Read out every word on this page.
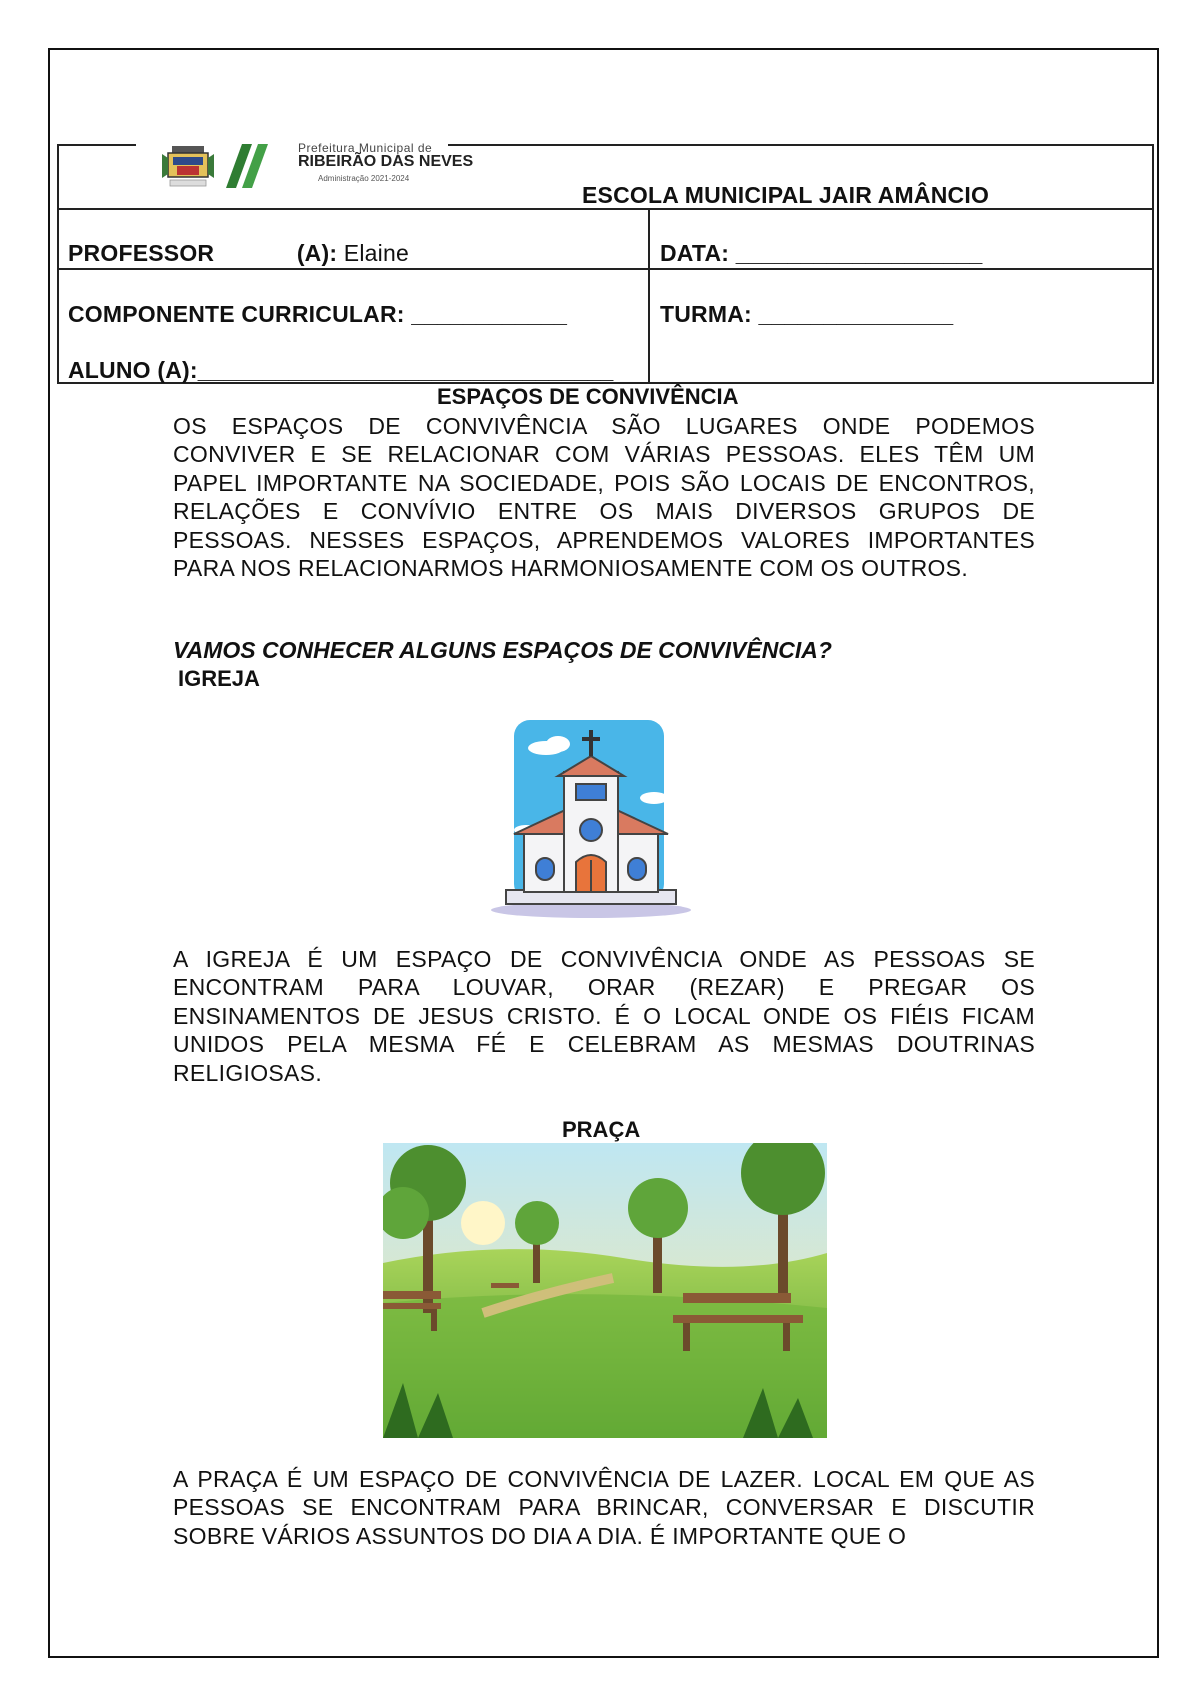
Prefeitura Municipal de
RIBEIRÃO DAS NEVES
Administração 2021-2024
ESCOLA MUNICIPAL JAIR AMÂNCIO
PROFESSOR	(A): Elaine	DATA: ___________________
COMPONENTE CURRICULAR: ____________	TURMA: _______________
ALUNO (A):________________________________
ESPAÇOS DE CONVIVÊNCIA
OS ESPAÇOS DE CONVIVÊNCIA SÃO LUGARES ONDE PODEMOS CONVIVER E SE RELACIONAR COM VÁRIAS PESSOAS. ELES TÊM UM PAPEL IMPORTANTE NA SOCIEDADE, POIS SÃO LOCAIS DE ENCONTROS, RELAÇÕES E CONVÍVIO ENTRE OS MAIS DIVERSOS GRUPOS DE PESSOAS. NESSES ESPAÇOS, APRENDEMOS VALORES IMPORTANTES PARA NOS RELACIONARMOS HARMONIOSAMENTE COM OS OUTROS.
VAMOS CONHECER ALGUNS ESPAÇOS DE CONVIVÊNCIA?
IGREJA
A IGREJA É UM ESPAÇO DE CONVIVÊNCIA ONDE AS PESSOAS SE ENCONTRAM PARA LOUVAR, ORAR (REZAR) E PREGAR OS ENSINAMENTOS DE JESUS CRISTO. É O LOCAL ONDE OS FIÉIS FICAM UNIDOS PELA MESMA FÉ E CELEBRAM AS MESMAS DOUTRINAS RELIGIOSAS.
PRAÇA
A PRAÇA É UM ESPAÇO DE CONVIVÊNCIA DE LAZER. LOCAL EM QUE AS PESSOAS SE ENCONTRAM PARA BRINCAR, CONVERSAR E DISCUTIR SOBRE VÁRIOS ASSUNTOS DO DIA A DIA. É IMPORTANTE QUE O
